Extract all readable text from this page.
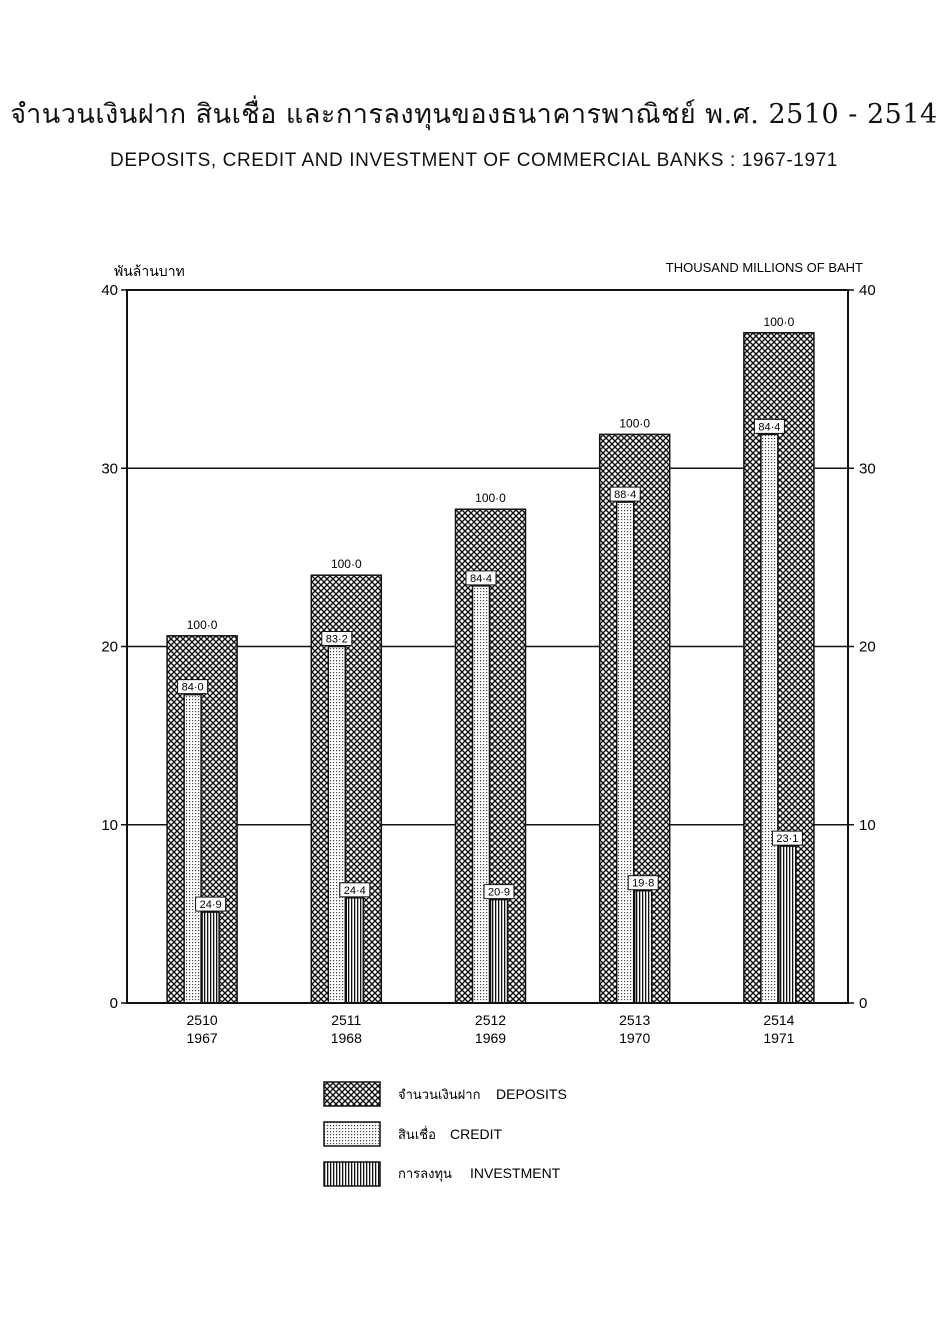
จำนวนเงินฝาก สินเชื่อ และการลงทุนของธนาคารพาณิชย์ พ.ศ. 2510 - 2514
DEPOSITS, CREDIT AND INVESTMENT OF COMMERCIAL BANKS : 1967-1971
พันล้านบาท	THOUSAND MILLIONS OF BAHT
0	0
10	10
20	20
30	30
40	40
100·0
84·0
24·9
100·0
83·2
24·4
100·0
84·4
20·9
100·0
88·4
19·8
100·0
84·4
23·1
2510
1967
2511
1968
2512
1969
2513
1970
2514
1971
จำนวนเงินฝาก DEPOSITS
สินเชื่อ CREDIT
การลงทุน INVESTMENT
